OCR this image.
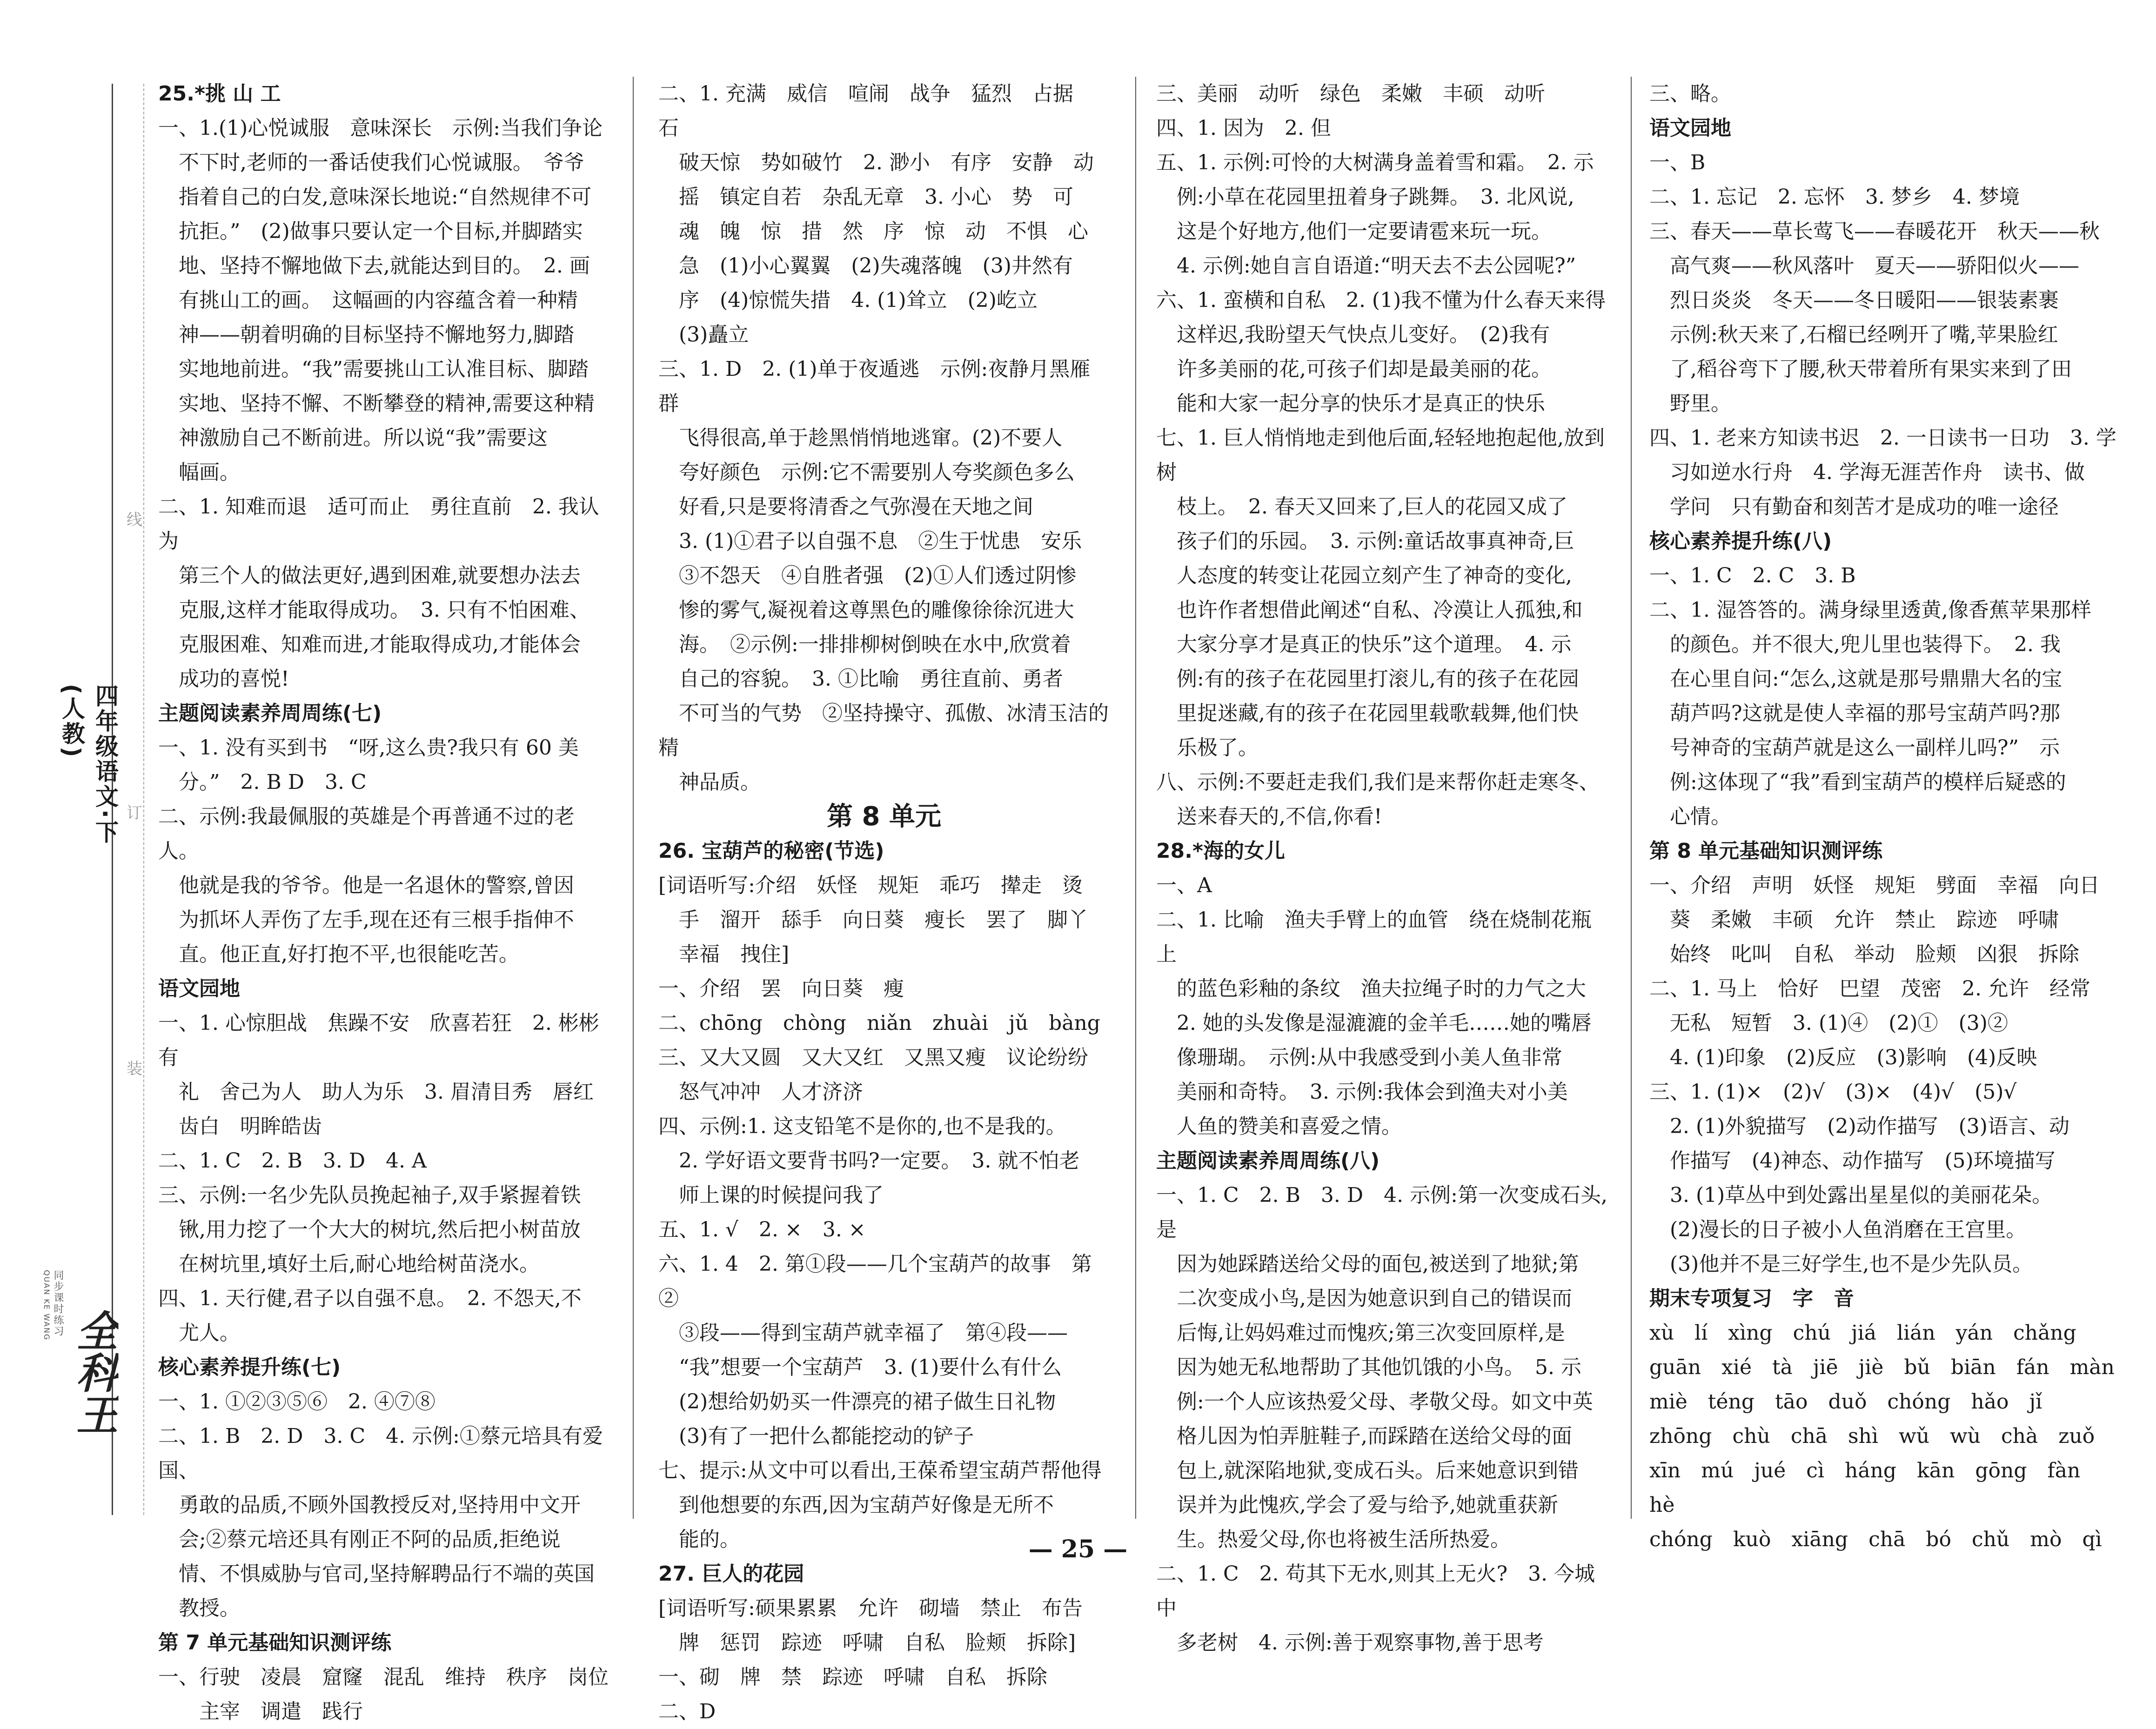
四年级语文·下(人教)
线
订
装
全科王
同步课时练习
QUAN KE WANG
25.*挑 山 工
一、1.(1)心悦诚服　意味深长　示例:当我们争论
　不下时,老师的一番话使我们心悦诚服。　爷爷
　指着自己的白发,意味深长地说:“自然规律不可
　抗拒。”　(2)做事只要认定一个目标,并脚踏实
　地、坚持不懈地做下去,就能达到目的。　2. 画
　有挑山工的画。　这幅画的内容蕴含着一种精
　神——朝着明确的目标坚持不懈地努力,脚踏
　实地地前进。“我”需要挑山工认准目标、脚踏
　实地、坚持不懈、不断攀登的精神,需要这种精
　神激励自己不断前进。所以说“我”需要这
　幅画。
二、1. 知难而退　适可而止　勇往直前　2. 我认为
　第三个人的做法更好,遇到困难,就要想办法去
　克服,这样才能取得成功。　3. 只有不怕困难、
　克服困难、知难而进,才能取得成功,才能体会
　成功的喜悦!
主题阅读素养周周练(七)
一、1. 没有买到书　“呀,这么贵?我只有 60 美
　分。”　2. B D　3. C
二、示例:我最佩服的英雄是个再普通不过的老人。
　他就是我的爷爷。他是一名退休的警察,曾因
　为抓坏人弄伤了左手,现在还有三根手指伸不
　直。他正直,好打抱不平,也很能吃苦。
语文园地
一、1. 心惊胆战　焦躁不安　欣喜若狂　2. 彬彬有
　礼　舍己为人　助人为乐　3. 眉清目秀　唇红
　齿白　明眸皓齿
二、1. C　2. B　3. D　4. A
三、示例:一名少先队员挽起袖子,双手紧握着铁
　锹,用力挖了一个大大的树坑,然后把小树苗放
　在树坑里,填好土后,耐心地给树苗浇水。
四、1. 天行健,君子以自强不息。　2. 不怨天,不
　尤人。
核心素养提升练(七)
一、1. ①②③⑤⑥　2. ④⑦⑧
二、1. B　2. D　3. C　4. 示例:①蔡元培具有爱国、
　勇敢的品质,不顾外国教授反对,坚持用中文开
　会;②蔡元培还具有刚正不阿的品质,拒绝说
　情、不惧威胁与官司,坚持解聘品行不端的英国
　教授。
第 7 单元基础知识测评练
一、行驶　凌晨　窟窿　混乱　维持　秩序　岗位
　　主宰　调遣　践行
二、1. 充满　威信　喧闹　战争　猛烈　占据　石
　破天惊　势如破竹　2. 渺小　有序　安静　动
　摇　镇定自若　杂乱无章　3. 小心　势　可
　魂　魄　惊　措　然　序　惊　动　不惧　心
　急　(1)小心翼翼　(2)失魂落魄　(3)井然有
　序　(4)惊慌失措　4. (1)耸立　(2)屹立
　(3)矗立
三、1. D　2. (1)单于夜遁逃　示例:夜静月黑雁群
　飞得很高,单于趁黑悄悄地逃窜。(2)不要人
　夸好颜色　示例:它不需要别人夸奖颜色多么
　好看,只是要将清香之气弥漫在天地之间
　3. (1)①君子以自强不息　②生于忧患　安乐
　③不怨天　④自胜者强　(2)①人们透过阴惨
　惨的雾气,凝视着这尊黑色的雕像徐徐沉进大
　海。　②示例:一排排柳树倒映在水中,欣赏着
　自己的容貌。　3. ①比喻　勇往直前、勇者
　不可当的气势　②坚持操守、孤傲、冰清玉洁的精
　神品质。
第 8 单元
26. 宝葫芦的秘密(节选)
[词语听写:介绍　妖怪　规矩　乖巧　撵走　烫
　手　溜开　舔手　向日葵　瘦长　罢了　脚丫
　幸福　拽住]
一、介绍　罢　向日葵　瘦
二、chōng　chòng　niǎn　zhuài　jǔ　bàng
三、又大又圆　又大又红　又黑又瘦　议论纷纷
　怒气冲冲　人才济济
四、示例:1. 这支铅笔不是你的,也不是我的。
　2. 学好语文要背书吗?一定要。　3. 就不怕老
　师上课的时候提问我了
五、1. √　2. ×　3. ×
六、1. 4　2. 第①段——几个宝葫芦的故事　第②
　③段——得到宝葫芦就幸福了　第④段——
　“我”想要一个宝葫芦　3. (1)要什么有什么
　(2)想给奶奶买一件漂亮的裙子做生日礼物
　(3)有了一把什么都能挖动的铲子
七、提示:从文中可以看出,王葆希望宝葫芦帮他得
　到他想要的东西,因为宝葫芦好像是无所不
　能的。
27. 巨人的花园
[词语听写:硕果累累　允许　砌墙　禁止　布告
　牌　惩罚　踪迹　呼啸　自私　脸颊　拆除]
一、砌　牌　禁　踪迹　呼啸　自私　拆除
二、D
三、美丽　动听　绿色　柔嫩　丰硕　动听
四、1. 因为　2. 但
五、1. 示例:可怜的大树满身盖着雪和霜。　2. 示
　例:小草在花园里扭着身子跳舞。　3. 北风说,
　这是个好地方,他们一定要请雹来玩一玩。
　4. 示例:她自言自语道:“明天去不去公园呢?”
六、1. 蛮横和自私　2. (1)我不懂为什么春天来得
　这样迟,我盼望天气快点儿变好。　(2)我有
　许多美丽的花,可孩子们却是最美丽的花。
　能和大家一起分享的快乐才是真正的快乐
七、1. 巨人悄悄地走到他后面,轻轻地抱起他,放到树
　枝上。　2. 春天又回来了,巨人的花园又成了
　孩子们的乐园。　3. 示例:童话故事真神奇,巨
　人态度的转变让花园立刻产生了神奇的变化,
　也许作者想借此阐述“自私、冷漠让人孤独,和
　大家分享才是真正的快乐”这个道理。　4. 示
　例:有的孩子在花园里打滚儿,有的孩子在花园
　里捉迷藏,有的孩子在花园里载歌载舞,他们快
　乐极了。
八、示例:不要赶走我们,我们是来帮你赶走寒冬、
　送来春天的,不信,你看!
28.*海的女儿
一、A
二、1. 比喻　渔夫手臂上的血管　绕在烧制花瓶上
　的蓝色彩釉的条纹　渔夫拉绳子时的力气之大
　2. 她的头发像是湿漉漉的金羊毛……她的嘴唇
　像珊瑚。　示例:从中我感受到小美人鱼非常
　美丽和奇特。　3. 示例:我体会到渔夫对小美
　人鱼的赞美和喜爱之情。
主题阅读素养周周练(八)
一、1. C　2. B　3. D　4. 示例:第一次变成石头,是
　因为她踩踏送给父母的面包,被送到了地狱;第
　二次变成小鸟,是因为她意识到自己的错误而
　后悔,让妈妈难过而愧疚;第三次变回原样,是
　因为她无私地帮助了其他饥饿的小鸟。　5. 示
　例:一个人应该热爱父母、孝敬父母。如文中英
　格儿因为怕弄脏鞋子,而踩踏在送给父母的面
　包上,就深陷地狱,变成石头。后来她意识到错
　误并为此愧疚,学会了爱与给予,她就重获新
　生。热爱父母,你也将被生活所热爱。
二、1. C　2. 苟其下无水,则其上无火?　3. 今城中
　多老树　4. 示例:善于观察事物,善于思考
三、略。
语文园地
一、B
二、1. 忘记　2. 忘怀　3. 梦乡　4. 梦境
三、春天——草长莺飞——春暖花开　秋天——秋
　高气爽——秋风落叶　夏天——骄阳似火——
　烈日炎炎　冬天——冬日暖阳——银装素裹
　示例:秋天来了,石榴已经咧开了嘴,苹果脸红
　了,稻谷弯下了腰,秋天带着所有果实来到了田
　野里。
四、1. 老来方知读书迟　2. 一日读书一日功　3. 学
　习如逆水行舟　4. 学海无涯苦作舟　读书、做
　学问　只有勤奋和刻苦才是成功的唯一途径
核心素养提升练(八)
一、1. C　2. C　3. B
二、1. 湿答答的。满身绿里透黄,像香蕉苹果那样
　的颜色。并不很大,兜儿里也装得下。　2. 我
　在心里自问:“怎么,这就是那号鼎鼎大名的宝
　葫芦吗?这就是使人幸福的那号宝葫芦吗?那
　号神奇的宝葫芦就是这么一副样儿吗?”　示
　例:这体现了“我”看到宝葫芦的模样后疑惑的
　心情。
第 8 单元基础知识测评练
一、介绍　声明　妖怪　规矩　劈面　幸福　向日
　葵　柔嫩　丰硕　允许　禁止　踪迹　呼啸
　始终　叱叫　自私　举动　脸颊　凶狠　拆除
二、1. 马上　恰好　巴望　茂密　2. 允许　经常
　无私　短暂　3. (1)④　(2)①　(3)②
　4. (1)印象　(2)反应　(3)影响　(4)反映
三、1. (1)×　(2)√　(3)×　(4)√　(5)√
　2. (1)外貌描写　(2)动作描写　(3)语言、动
　作描写　(4)神态、动作描写　(5)环境描写
　3. (1)草丛中到处露出星星似的美丽花朵。
　(2)漫长的日子被小人鱼消磨在王宫里。
　(3)他并不是三好学生,也不是少先队员。
期末专项复习　字　音
xù　lí　xìng　chú　jiá　lián　yán　chǎng
guān　xié　tà　jiē　jiè　bǔ　biān　fán　màn
miè　téng　tāo　duǒ　chóng　hǎo　jǐ
zhōng　chù　chā　shì　wǔ　wù　chà　zuǒ
xīn　mú　jué　cì　háng　kān　gōng　fàn　hè
chóng　kuò　xiāng　chā　bó　chǔ　mò　qì
— 25 —
